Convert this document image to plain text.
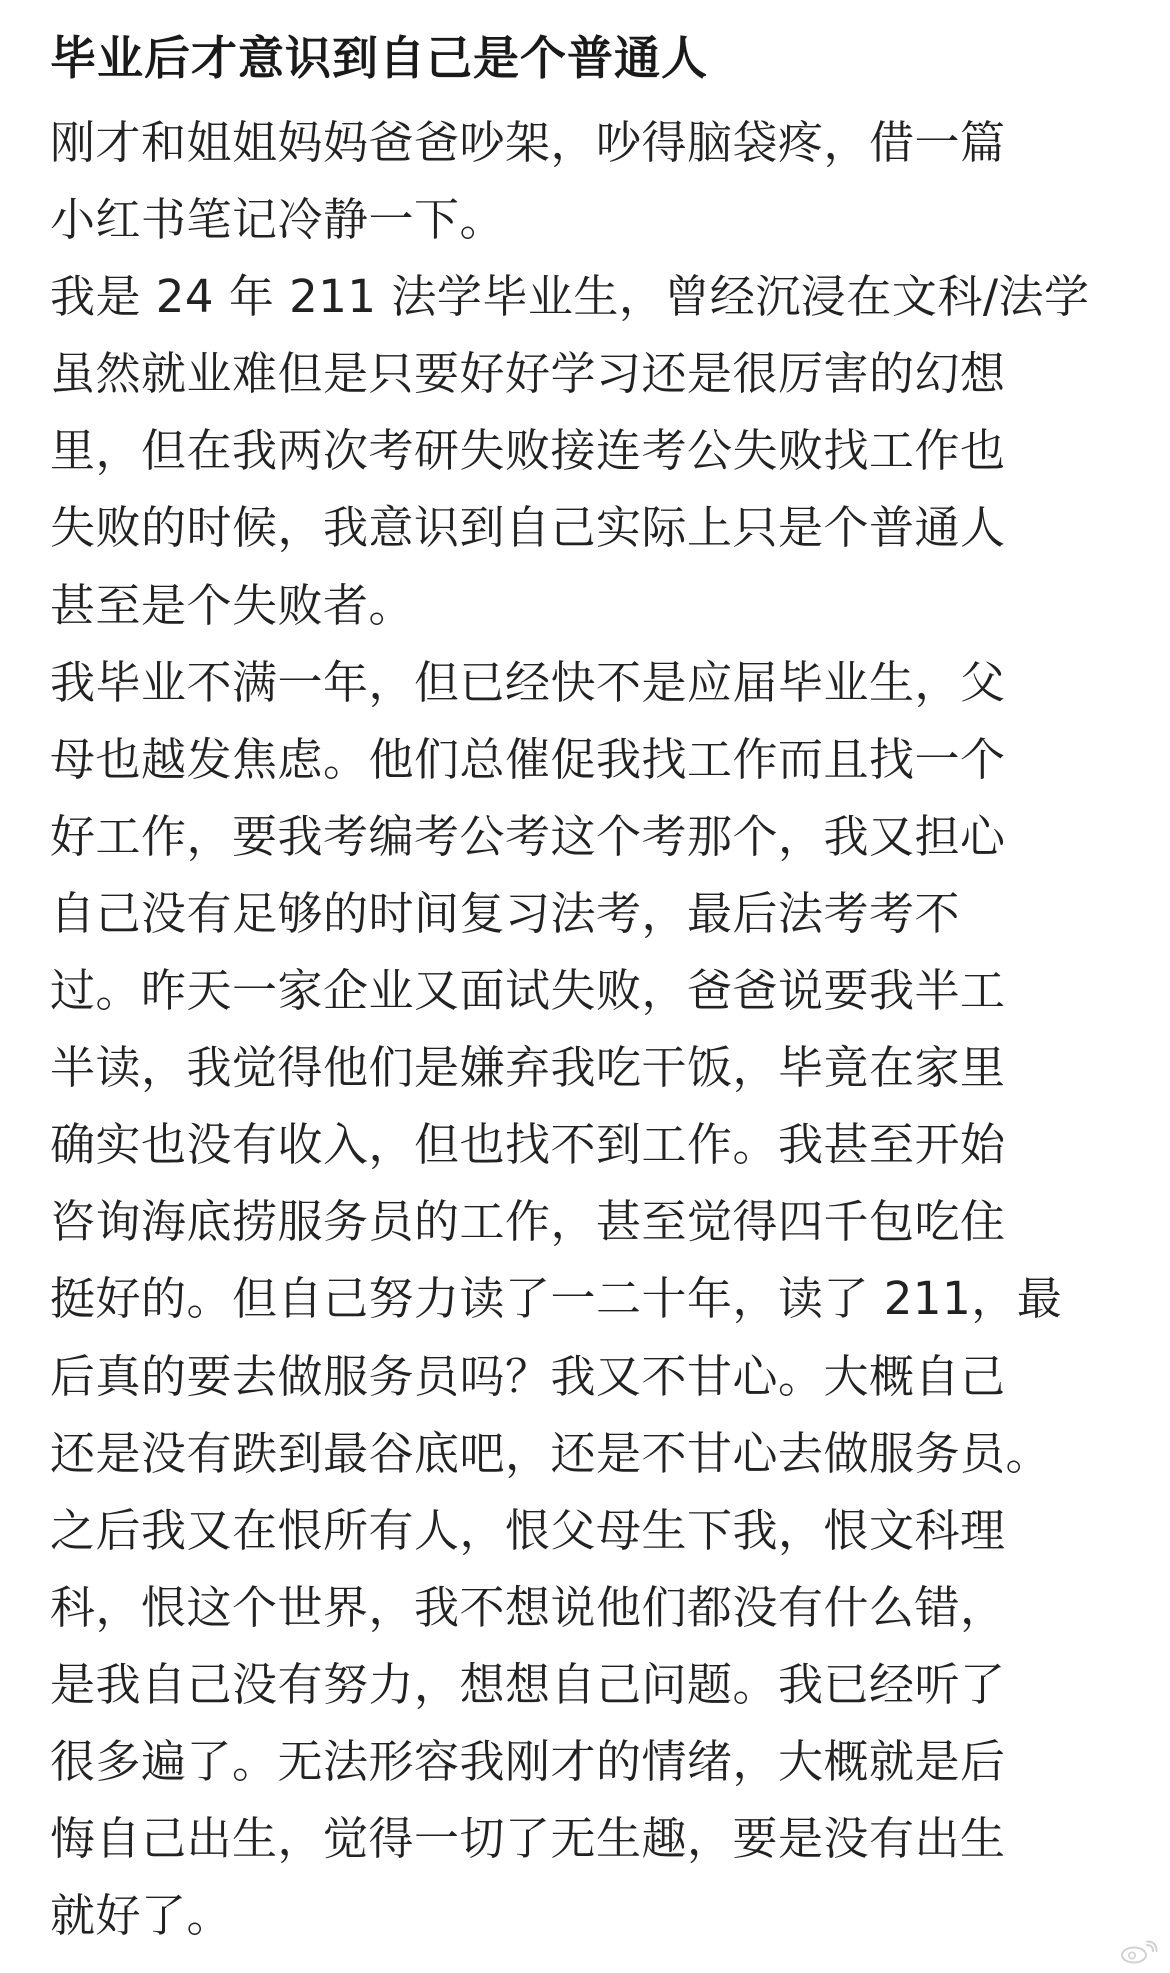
毕业后才意识到自己是个普通人
刚才和姐姐妈妈爸爸吵架，吵得脑袋疼，借一篇
小红书笔记冷静一下。
我是 24 年 211 法学毕业生，曾经沉浸在文科/法学
虽然就业难但是只要好好学习还是很厉害的幻想
里，但在我两次考研失败接连考公失败找工作也
失败的时候，我意识到自己实际上只是个普通人
甚至是个失败者。
我毕业不满一年，但已经快不是应届毕业生，父
母也越发焦虑。他们总催促我找工作而且找一个
好工作，要我考编考公考这个考那个，我又担心
自己没有足够的时间复习法考，最后法考考不
过。昨天一家企业又面试失败，爸爸说要我半工
半读，我觉得他们是嫌弃我吃干饭，毕竟在家里
确实也没有收入，但也找不到工作。我甚至开始
咨询海底捞服务员的工作，甚至觉得四千包吃住
挺好的。但自己努力读了一二十年，读了 211，最
后真的要去做服务员吗？我又不甘心。大概自己
还是没有跌到最谷底吧，还是不甘心去做服务员。
之后我又在恨所有人，恨父母生下我，恨文科理
科，恨这个世界，我不想说他们都没有什么错，
是我自己没有努力，想想自己问题。我已经听了
很多遍了。无法形容我刚才的情绪，大概就是后
悔自己出生，觉得一切了无生趣，要是没有出生
就好了。
